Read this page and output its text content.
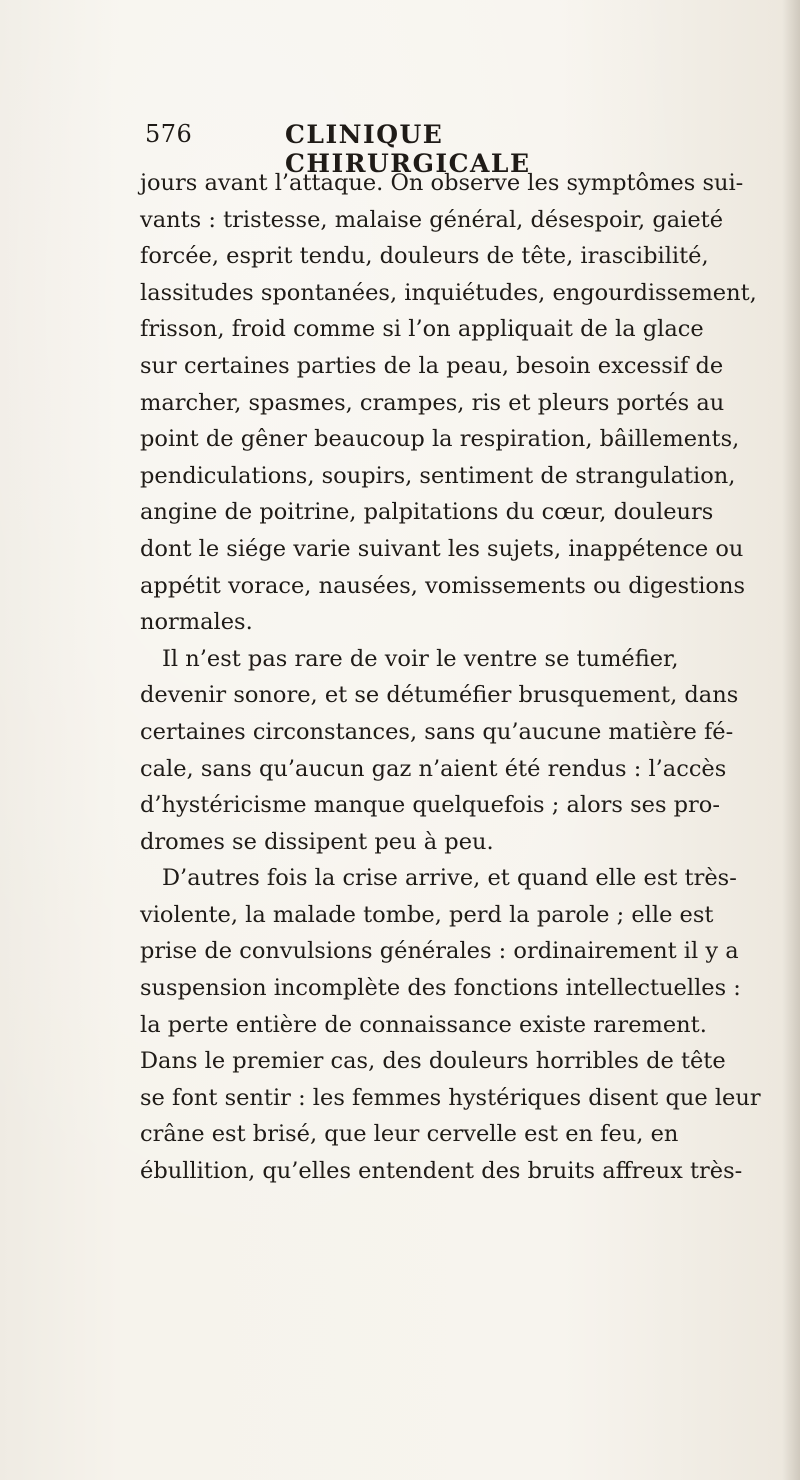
576	CLINIQUE CHIRURGICALE
jours avant l’attaque. On observe les symptômes sui-
vants : tristesse, malaise général, désespoir, gaieté
forcée, esprit tendu, douleurs de tête, irascibilité,
lassitudes spontanées, inquiétudes, engourdissement,
frisson, froid comme si l’on appliquait de la glace
sur certaines parties de la peau, besoin excessif de
marcher, spasmes, crampes, ris et pleurs portés au
point de gêner beaucoup la respiration, bâillements,
pendiculations, soupirs, sentiment de strangulation,
angine de poitrine, palpitations du cœur, douleurs
dont le siége varie suivant les sujets, inappétence ou
appétit vorace, nausées, vomissements ou digestions
normales.
Il n’est pas rare de voir le ventre se tuméfier,
devenir sonore, et se détuméfier brusquement, dans
certaines circonstances, sans qu’aucune matière fé-
cale, sans qu’aucun gaz n’aient été rendus : l’accès
d’hystéricisme manque quelquefois ; alors ses pro-
dromes se dissipent peu à peu.
D’autres fois la crise arrive, et quand elle est très-
violente, la malade tombe, perd la parole ; elle est
prise de convulsions générales : ordinairement il y a
suspension incomplète des fonctions intellectuelles :
la perte entière de connaissance existe rarement.
Dans le premier cas, des douleurs horribles de tête
se font sentir : les femmes hystériques disent que leur
crâne est brisé, que leur cervelle est en feu, en
ébullition, qu’elles entendent des bruits affreux très-
